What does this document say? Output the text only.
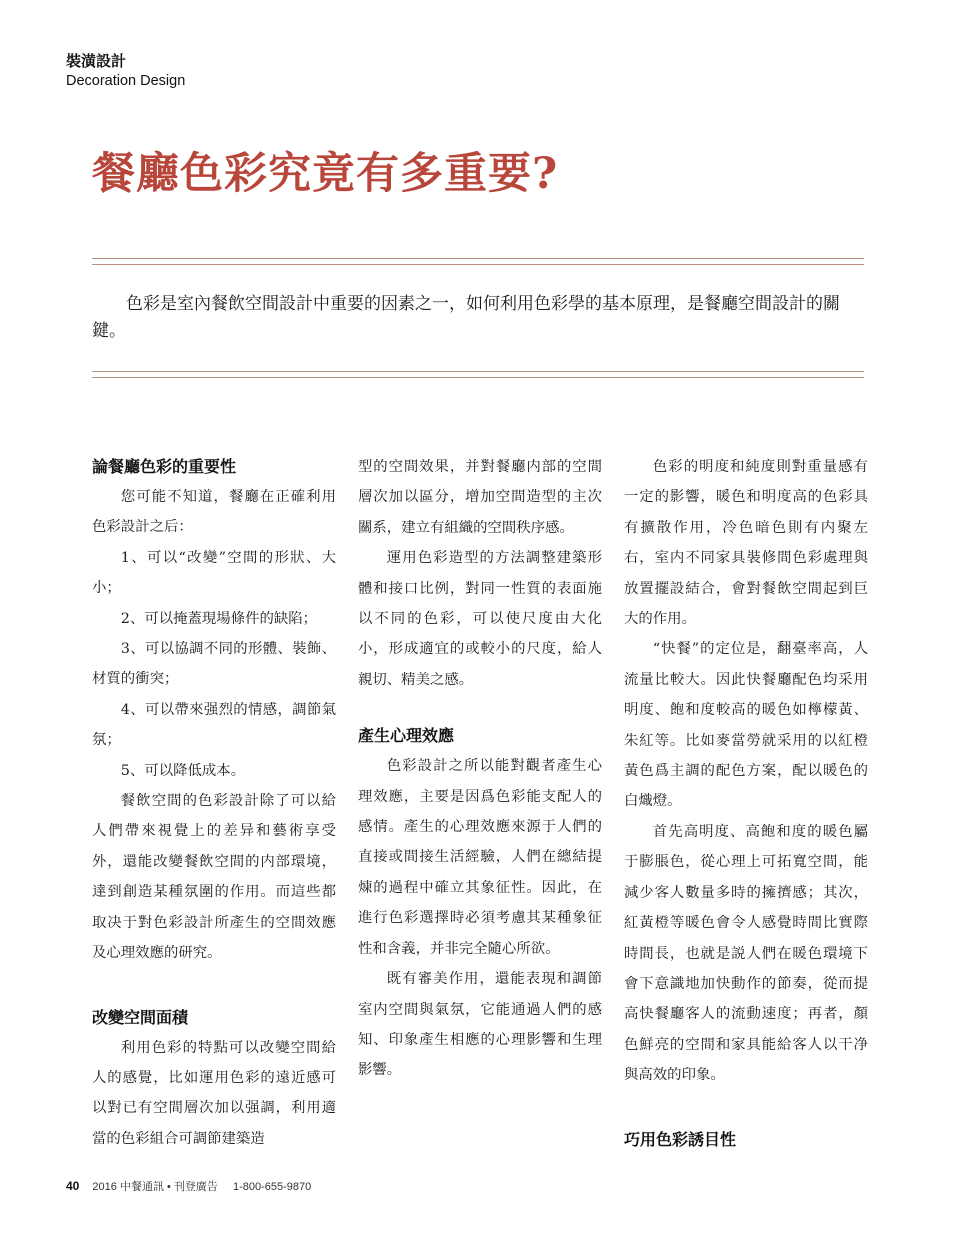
裝潢設計
Decoration Design
餐廳色彩究竟有多重要?

色彩是室內餐飲空間設計中重要的因素之一，如何利用色彩學的基本原理，是餐廳空間設計的關鍵。

論餐廳色彩的重要性

您可能不知道，餐廳在正確利用色彩設計之后：

1、可以“改變”空間的形狀、大小；

2、可以掩蓋現場條件的缺陷；

3、可以協調不同的形體、裝飾、材質的衝突；

4、可以帶來强烈的情感，調節氣氛；

5、可以降低成本。

餐飲空間的色彩設計除了可以給人們帶來視覺上的差异和藝術享受外，還能改變餐飲空間的内部環境，達到創造某種氛圍的作用。而這些都取决于對色彩設計所產生的空間效應及心理效應的研究。

改變空間面積

利用色彩的特點可以改變空間給人的感覺，比如運用色彩的遠近感可以對已有空間層次加以强調，利用適當的色彩組合可調節建築造

型的空間效果，并對餐廳内部的空間層次加以區分，增加空間造型的主次關系，建立有組織的空間秩序感。

運用色彩造型的方法調整建築形體和接口比例，對同一性質的表面施以不同的色彩，可以使尺度由大化小，形成適宜的或較小的尺度，給人親切、精美之感。

產生心理效應

色彩設計之所以能對觀者產生心理效應，主要是因爲色彩能支配人的感情。產生的心理效應來源于人們的直接或間接生活經驗，人們在總結提煉的過程中確立其象征性。因此，在進行色彩選擇時必須考慮其某種象征性和含義，并非完全隨心所欲。

既有審美作用，還能表現和調節室内空間與氣氛，它能通過人們的感知、印象產生相應的心理影響和生理影響。

色彩的明度和純度則對重量感有一定的影響，暖色和明度高的色彩具有擴散作用，冷色暗色則有内聚左右，室内不同家具裝修間色彩處理與放置擺設結合，會對餐飲空間起到巨大的作用。

“快餐”的定位是，翻臺率高，人流量比較大。因此快餐廳配色均采用明度、飽和度較高的暖色如檸檬黃、朱紅等。比如麥當勞就采用的以紅橙黃色爲主調的配色方案，配以暖色的白熾燈。

首先高明度、高飽和度的暖色屬于膨脹色，從心理上可拓寬空間，能減少客人數量多時的擁擠感；其次，紅黃橙等暖色會令人感覺時間比實際時間長，也就是説人們在暖色環境下會下意識地加快動作的節奏，從而提高快餐廳客人的流動速度；再者，顏色鮮亮的空間和家具能給客人以干净與高效的印象。

巧用色彩誘目性
40 2016 中餐通訊 • 刊登廣告 1-800-655-9870
